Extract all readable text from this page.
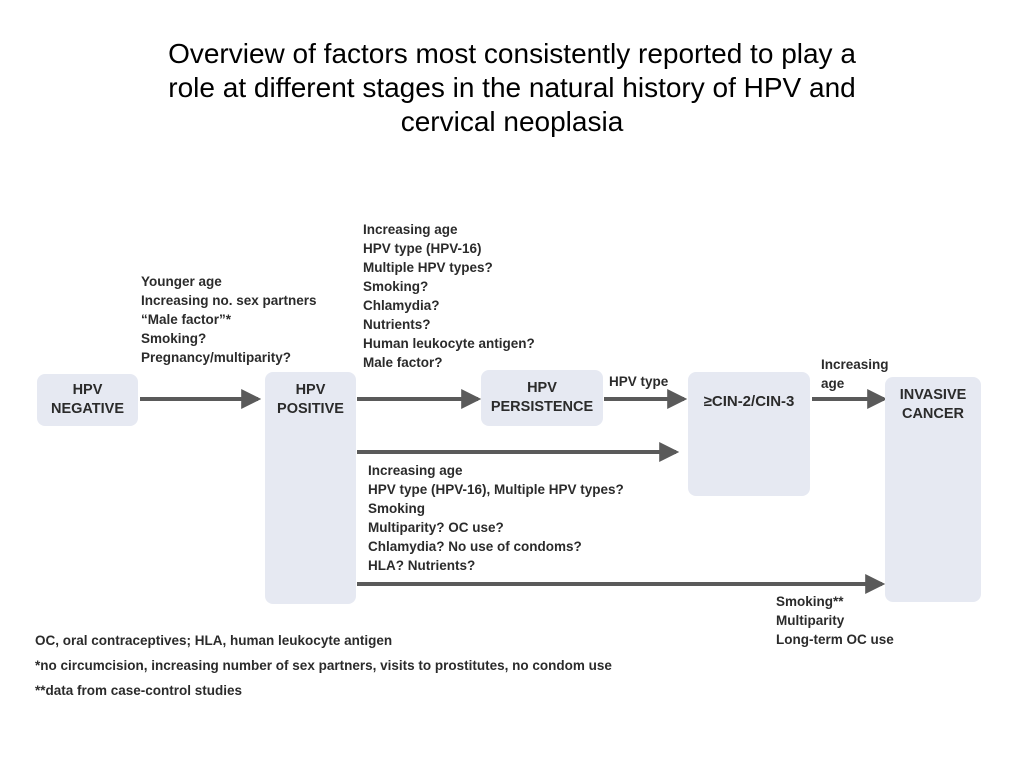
Overview of factors most consistently reported to play a
role at different stages in the natural history of HPV and
cervical neoplasia
HPV
NEGATIVE
HPV
POSITIVE
HPV
PERSISTENCE	≥CIN-2/CIN-3	INVASIVE
CANCER
Younger age
Increasing no. sex partners
“Male factor”*
Smoking?
Pregnancy/multiparity?
Increasing age
HPV type (HPV-16)
Multiple HPV types?
Smoking?
Chlamydia?
Nutrients?
Human leukocyte antigen?
Male factor?
HPV type
Increasing
age
Increasing age
HPV type (HPV-16), Multiple HPV types?
Smoking
Multiparity? OC use?
Chlamydia? No use of condoms?
HLA? Nutrients?
Smoking**
Multiparity
Long-term OC use
OC, oral contraceptives; HLA, human leukocyte antigen
*no circumcision, increasing number of sex partners, visits to prostitutes, no condom use
**data from case-control studies
